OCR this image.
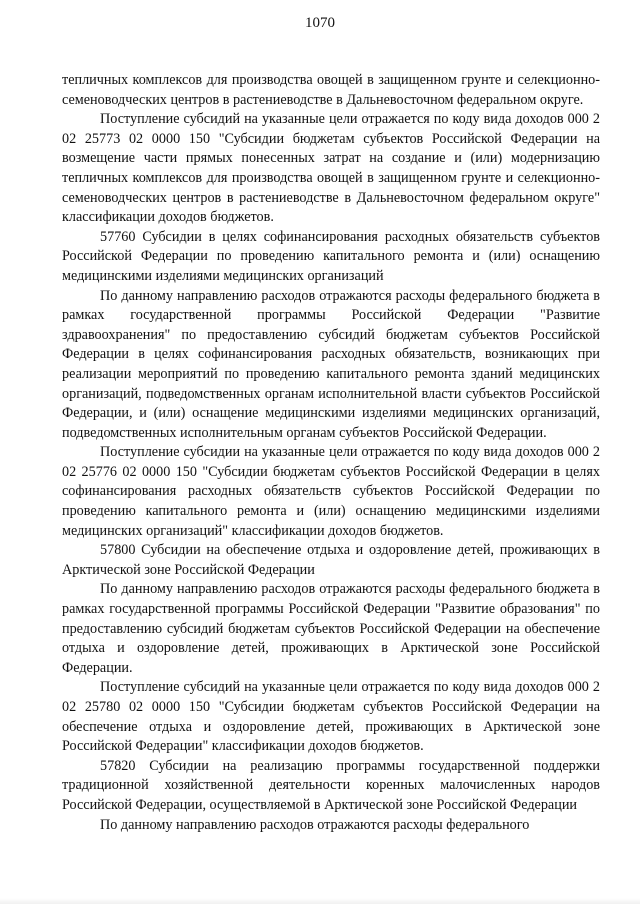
1070

тепличных комплексов для производства овощей в защищенном грунте и селекционно-семеноводческих центров в растениеводстве в Дальневосточном федеральном округе.

Поступление субсидий на указанные цели отражается по коду вида доходов 000 2 02 25773 02 0000 150 "Субсидии бюджетам субъектов Российской Федерации на возмещение части прямых понесенных затрат на создание и (или) модернизацию тепличных комплексов для производства овощей в защищенном грунте и селекционно-семеноводческих центров в растениеводстве в Дальневосточном федеральном округе" классификации доходов бюджетов.

57760 Субсидии в целях софинансирования расходных обязательств субъектов Российской Федерации по проведению капитального ремонта и (или) оснащению медицинскими изделиями медицинских организаций

По данному направлению расходов отражаются расходы федерального бюджета в рамках государственной программы Российской Федерации "Развитие здравоохранения" по предоставлению субсидий бюджетам субъектов Российской Федерации в целях софинансирования расходных обязательств, возникающих при реализации мероприятий по проведению капитального ремонта зданий медицинских организаций, подведомственных органам исполнительной власти субъектов Российской Федерации, и (или) оснащение медицинскими изделиями медицинских организаций, подведомственных исполнительным органам субъектов Российской Федерации.

Поступление субсидии на указанные цели отражается по коду вида доходов 000 2 02 25776 02 0000 150 "Субсидии бюджетам субъектов Российской Федерации в целях софинансирования расходных обязательств субъектов Российской Федерации по проведению капитального ремонта и (или) оснащению медицинскими изделиями медицинских организаций" классификации доходов бюджетов.

57800 Субсидии на обеспечение отдыха и оздоровление детей, проживающих в Арктической зоне Российской Федерации

По данному направлению расходов отражаются расходы федерального бюджета в рамках государственной программы Российской Федерации "Развитие образования" по предоставлению субсидий бюджетам субъектов Российской Федерации на обеспечение отдыха и оздоровление детей, проживающих в Арктической зоне Российской Федерации.

Поступление субсидий на указанные цели отражается по коду вида доходов 000 2 02 25780 02 0000 150 "Субсидии бюджетам субъектов Российской Федерации на обеспечение отдыха и оздоровление детей, проживающих в Арктической зоне Российской Федерации" классификации доходов бюджетов.

57820 Субсидии на реализацию программы государственной поддержки традиционной хозяйственной деятельности коренных малочисленных народов Российской Федерации, осуществляемой в Арктической зоне Российской Федерации

По данному направлению расходов отражаются расходы федерального
